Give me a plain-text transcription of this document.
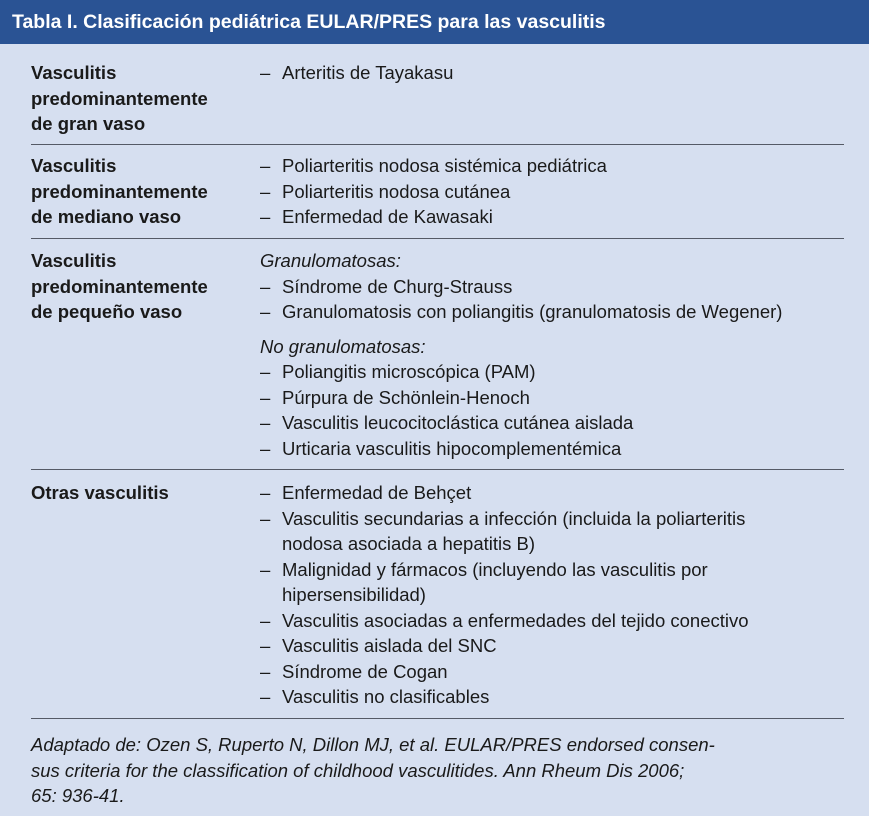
Tabla I. Clasificación pediátrica EULAR/PRES para las vasculitis
Vasculitis
predominantemente
de gran vaso
– Arteritis de Tayakasu
Vasculitis
predominantemente
de mediano vaso
– Poliarteritis nodosa sistémica pediátrica
– Poliarteritis nodosa cutánea
– Enfermedad de Kawasaki
Vasculitis
predominantemente
de pequeño vaso
Granulomatosas:
– Síndrome de Churg-Strauss
– Granulomatosis con poliangitis (granulomatosis de Wegener)
No granulomatosas:
– Poliangitis microscópica (PAM)
– Púrpura de Schönlein-Henoch
– Vasculitis leucocitoclástica cutánea aislada
– Urticaria vasculitis hipocomplementémica
Otras vasculitis	– Enfermedad de Behçet
– Vasculitis secundarias a infección (incluida la poliarteritis
nodosa asociada a hepatitis B)
– Malignidad y fármacos (incluyendo las vasculitis por
hipersensibilidad)
– Vasculitis asociadas a enfermedades del tejido conectivo
– Vasculitis aislada del SNC
– Síndrome de Cogan
– Vasculitis no clasificables
Adaptado de: Ozen S, Ruperto N, Dillon MJ, et al. EULAR/PRES endorsed consen-
sus criteria for the classification of childhood vasculitides. Ann Rheum Dis 2006;
65: 936-41.
